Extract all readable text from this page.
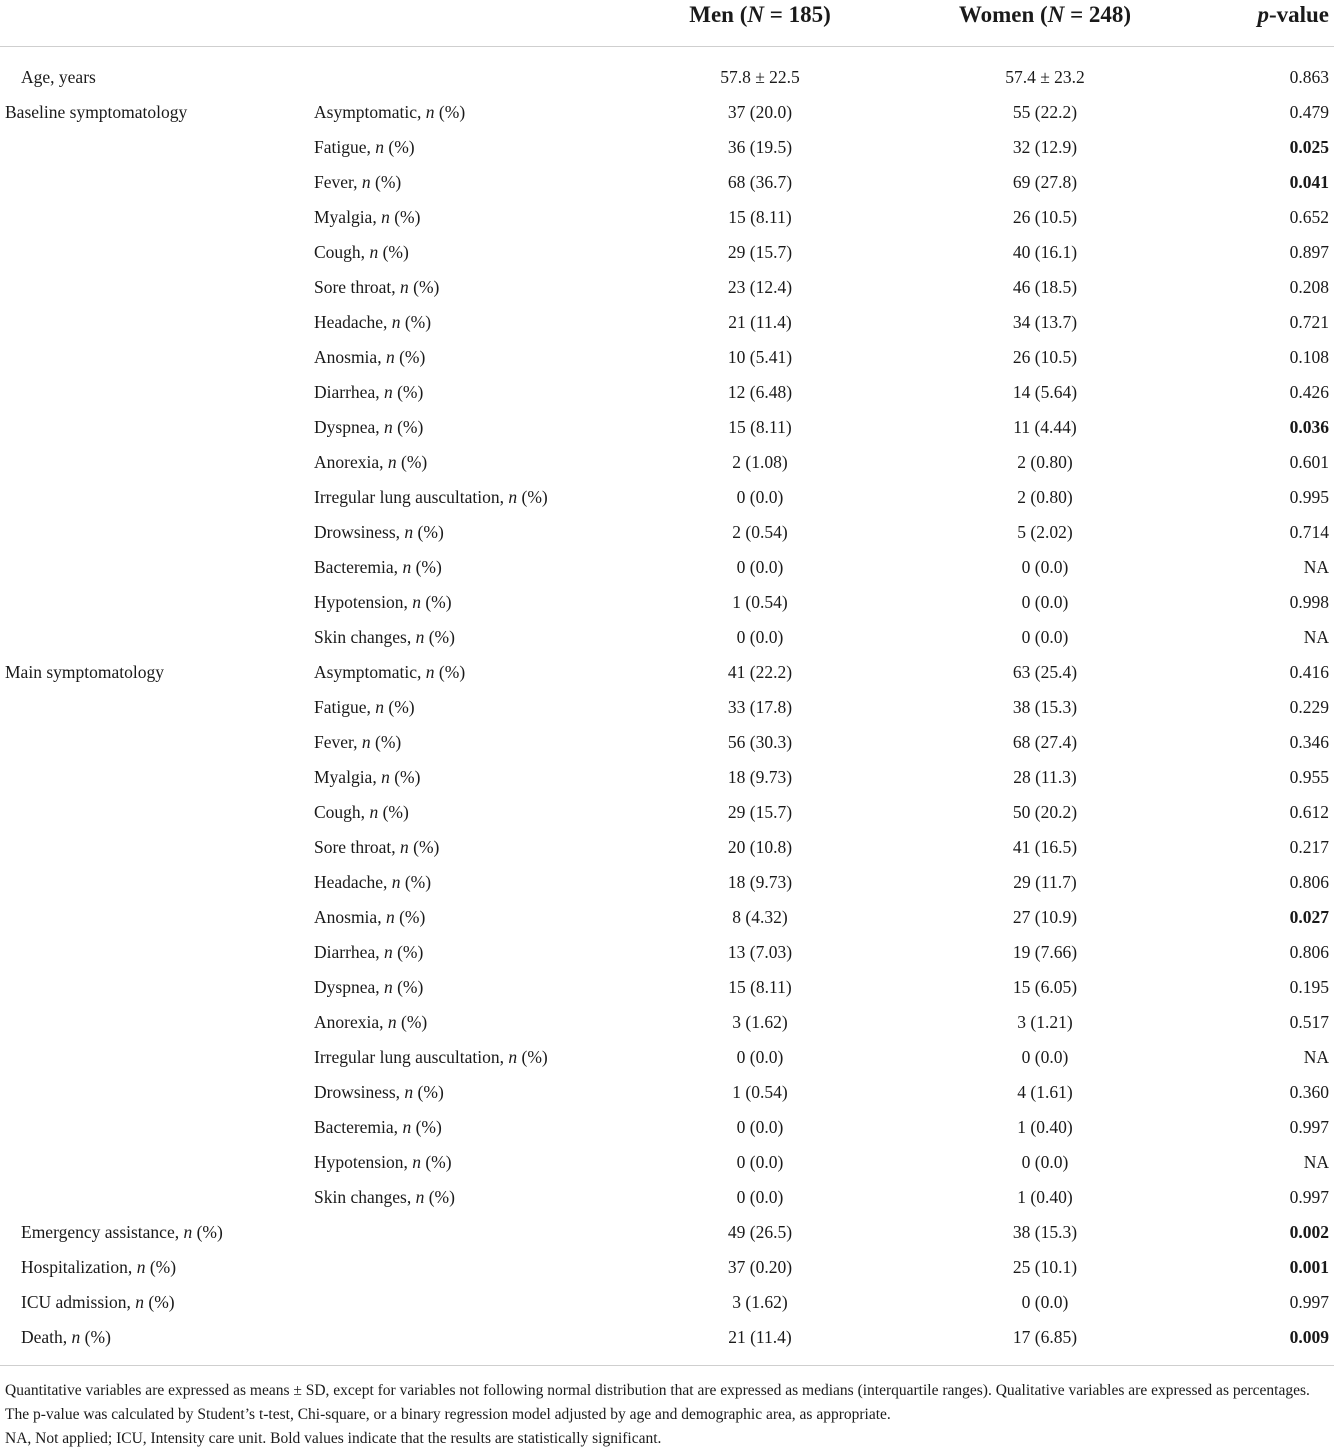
Men (N = 185)	Women (N = 248)	p-value
Age, years	57.8 ± 22.5	57.4 ± 23.2	0.863
Baseline symptomatology	Asymptomatic, n (%)	37 (20.0)	55 (22.2)	0.479
Fatigue, n (%)	36 (19.5)	32 (12.9)	0.025
Fever, n (%)	68 (36.7)	69 (27.8)	0.041
Myalgia, n (%)	15 (8.11)	26 (10.5)	0.652
Cough, n (%)	29 (15.7)	40 (16.1)	0.897
Sore throat, n (%)	23 (12.4)	46 (18.5)	0.208
Headache, n (%)	21 (11.4)	34 (13.7)	0.721
Anosmia, n (%)	10 (5.41)	26 (10.5)	0.108
Diarrhea, n (%)	12 (6.48)	14 (5.64)	0.426
Dyspnea, n (%)	15 (8.11)	11 (4.44)	0.036
Anorexia, n (%)	2 (1.08)	2 (0.80)	0.601
Irregular lung auscultation, n (%)	0 (0.0)	2 (0.80)	0.995
Drowsiness, n (%)	2 (0.54)	5 (2.02)	0.714
Bacteremia, n (%)	0 (0.0)	0 (0.0)	NA
Hypotension, n (%)	1 (0.54)	0 (0.0)	0.998
Skin changes, n (%)	0 (0.0)	0 (0.0)	NA
Main symptomatology	Asymptomatic, n (%)	41 (22.2)	63 (25.4)	0.416
Fatigue, n (%)	33 (17.8)	38 (15.3)	0.229
Fever, n (%)	56 (30.3)	68 (27.4)	0.346
Myalgia, n (%)	18 (9.73)	28 (11.3)	0.955
Cough, n (%)	29 (15.7)	50 (20.2)	0.612
Sore throat, n (%)	20 (10.8)	41 (16.5)	0.217
Headache, n (%)	18 (9.73)	29 (11.7)	0.806
Anosmia, n (%)	8 (4.32)	27 (10.9)	0.027
Diarrhea, n (%)	13 (7.03)	19 (7.66)	0.806
Dyspnea, n (%)	15 (8.11)	15 (6.05)	0.195
Anorexia, n (%)	3 (1.62)	3 (1.21)	0.517
Irregular lung auscultation, n (%)	0 (0.0)	0 (0.0)	NA
Drowsiness, n (%)	1 (0.54)	4 (1.61)	0.360
Bacteremia, n (%)	0 (0.0)	1 (0.40)	0.997
Hypotension, n (%)	0 (0.0)	0 (0.0)	NA
Skin changes, n (%)	0 (0.0)	1 (0.40)	0.997
Emergency assistance, n (%)	49 (26.5)	38 (15.3)	0.002
Hospitalization, n (%)	37 (0.20)	25 (10.1)	0.001
ICU admission, n (%)	3 (1.62)	0 (0.0)	0.997
Death, n (%)	21 (11.4)	17 (6.85)	0.009
Quantitative variables are expressed as means ± SD, except for variables not following normal distribution that are expressed as medians (interquartile ranges). Qualitative variables are expressed as percentages. The p-value was calculated by Student’s t-test, Chi-square, or a binary regression model adjusted by age and demographic area, as appropriate.
NA, Not applied; ICU, Intensity care unit. Bold values indicate that the results are statistically significant.
